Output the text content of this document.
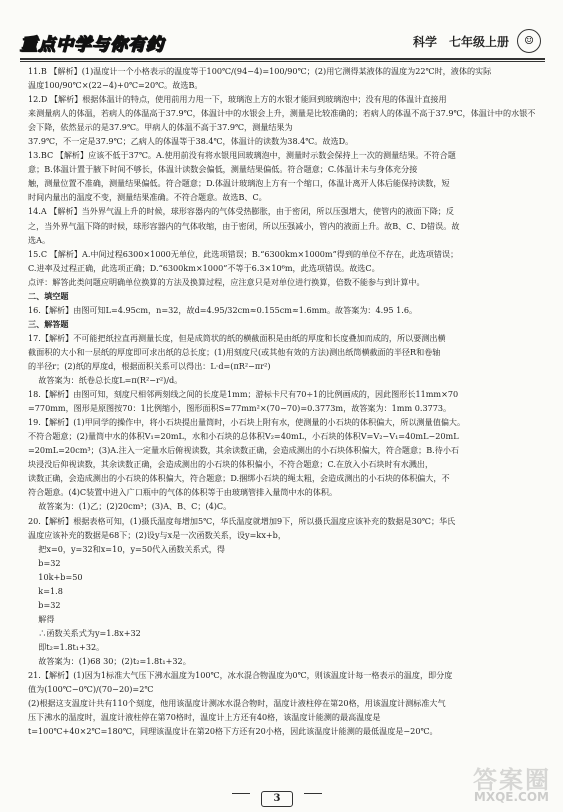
重点中学与你有约	科学 七年级上册	☺

11.B 【解析】(1)温度计一个小格表示的温度等于100℃/(94−4)=100/90℃；(2)用它测得某液体的温度为22℃时，液体的实际

温度100/90℃×(22−4)+0℃=20℃。故选B。

12.D 【解析】根据体温计的特点，使用前用力甩一下，玻璃泡上方的水银才能回到玻璃泡中；没有甩的体温计直接用

来测量病人的体温，若病人的体温高于37.9℃，体温计中的水银会上升，测量是比较准确的；若病人的体温不高于37.9℃，体温计中的水银不会下降，依然显示的是37.9℃。甲病人的体温不高于37.9℃，测量结果为

37.9℃，不一定是37.9℃；乙病人的体温等于38.4℃，体温计的读数为38.4℃。故选D。

13.BC 【解析】应该不低于37℃。A.使用前没有将水银甩回玻璃泡中，测量时示数会保持上一次的测量结果。不符合题

意；B.体温计置于腋下时间不够长，体温计读数会偏低，测量结果偏低。符合题意；C.体温计未与身体充分接

触，测量位置不准确，测量结果偏低。符合题意；D.体温计玻璃泡上方有一个缩口，体温计离开人体后能保持读数，短

时间内量出的温度不变，测量结果准确。不符合题意。故选B、C。

14.A 【解析】当外界气温上升的时候，球形容器内的气体受热膨胀，由于密闭，所以压强增大，使管内的液面下降；反

之，当外界气温下降的时候，球形容器内的气体收缩，由于密闭，所以压强减小，管内的液面上升。故B、C、D错误。故

选A。

15.C 【解析】A.中间过程6300×1000无单位，此选项错误；B.“6300km×1000m”得到的单位不存在，此选项错误；

C.进率及过程正确，此选项正确；D.“6300km×1000”不等于6.3×10⁶m，此选项错误。故选C。

点评：解答此类问题应明确单位换算的方法及换算过程，应注意只是对单位进行换算，倍数不能参与到计算中。

二、填空题

16.【解析】由图可知L=4.95cm，n=32，故d=4.95/32cm≈0.155cm≈1.6mm。故答案为：4.95 1.6。

三、解答题

17.【解析】不可能把纸拉直再测量长度，但是成筒状的纸的横截面积是由纸的厚度和长度叠加而成的，所以要测出横

截面积的大小和一层纸的厚度即可求出纸的总长度；(1)用刻度尺(或其他有效的方法)测出纸筒横截面的半径R和卷轴

的半径r；(2)纸的厚度d，根据面积关系可以得出：L·d=(πR²−πr²)

故答案为：纸卷总长度L=π(R²−r²)/d。

18.【解析】由图可知，刻度尺相邻两刻线之间的长度是1mm；游标卡尺有70÷1的比例画成的，因此图形长11mm×70

=770mm，图形是原图按70：1比例缩小，图形面积S=77mm²×(70−70)=0.3773m，故答案为：1mm 0.3773。

19.【解析】(1)甲同学的操作中，将小石块提出量筒时，小石块上附有水，使测量的小石块的体积偏大，所以测量值偏大。

不符合题意；(2)量筒中水的体积V₁=20mL，水和小石块的总体积V₂=40mL，小石块的体积V=V₂−V₁=40mL−20mL

=20mL=20cm³；(3)A.注入一定量水后俯视读数，其余读数正确，会造成测出的小石块体积偏大，符合题意；B.待小石

块浸没后仰视读数，其余读数正确，会造成测出的小石块的体积偏小，不符合题意；C.在放入小石块时有水溅出，

读数正确，会造成测出的小石块的体积偏大，符合题意；D.捆绑小石块的绳太粗，会造成测出的小石块的体积偏大，不

符合题意。(4)C装置中进入广口瓶中的气体的体积等于由玻璃管排入量筒中水的体积。

故答案为：(1)乙；(2)20cm³；(3)A、B、C；(4)C。

20.【解析】根据表格可知，(1)摄氏温度每增加5℃，华氏温度就增加9下，所以摄氏温度应该补充的数据是30℃；华氏

温度应该补充的数据是68下；(2)设y与x是一次函数关系，设y=kx+b，

把x=0，y=32和x=10，y=50代入函数关系式，得

b=32

10k+b=50

k=1.8

b=32

解得

∴函数关系式为y=1.8x+32

即t₂=1.8t₁+32。

故答案为：(1)68 30；(2)t₂=1.8t₁+32。

21.【解析】(1)因为1标准大气压下沸水温度为100℃，冰水混合物温度为0℃，则该温度计每一格表示的温度，即分度

值为(100℃−0℃)/(70−20)=2℃

(2)根据这支温度计共有110个刻度，他用该温度计测冰水混合物时，温度计液柱停在第20格，用该温度计测标准大气

压下沸水的温度时，温度计液柱停在第70格时，温度计上方还有40格，该温度计能测的最高温度是

t=100℃+40×2℃=180℃，同理该温度计在第20格下方还有20小格，因此该温度计能测的最低温度是−20℃。

3
答案圈
MXQE.COM
